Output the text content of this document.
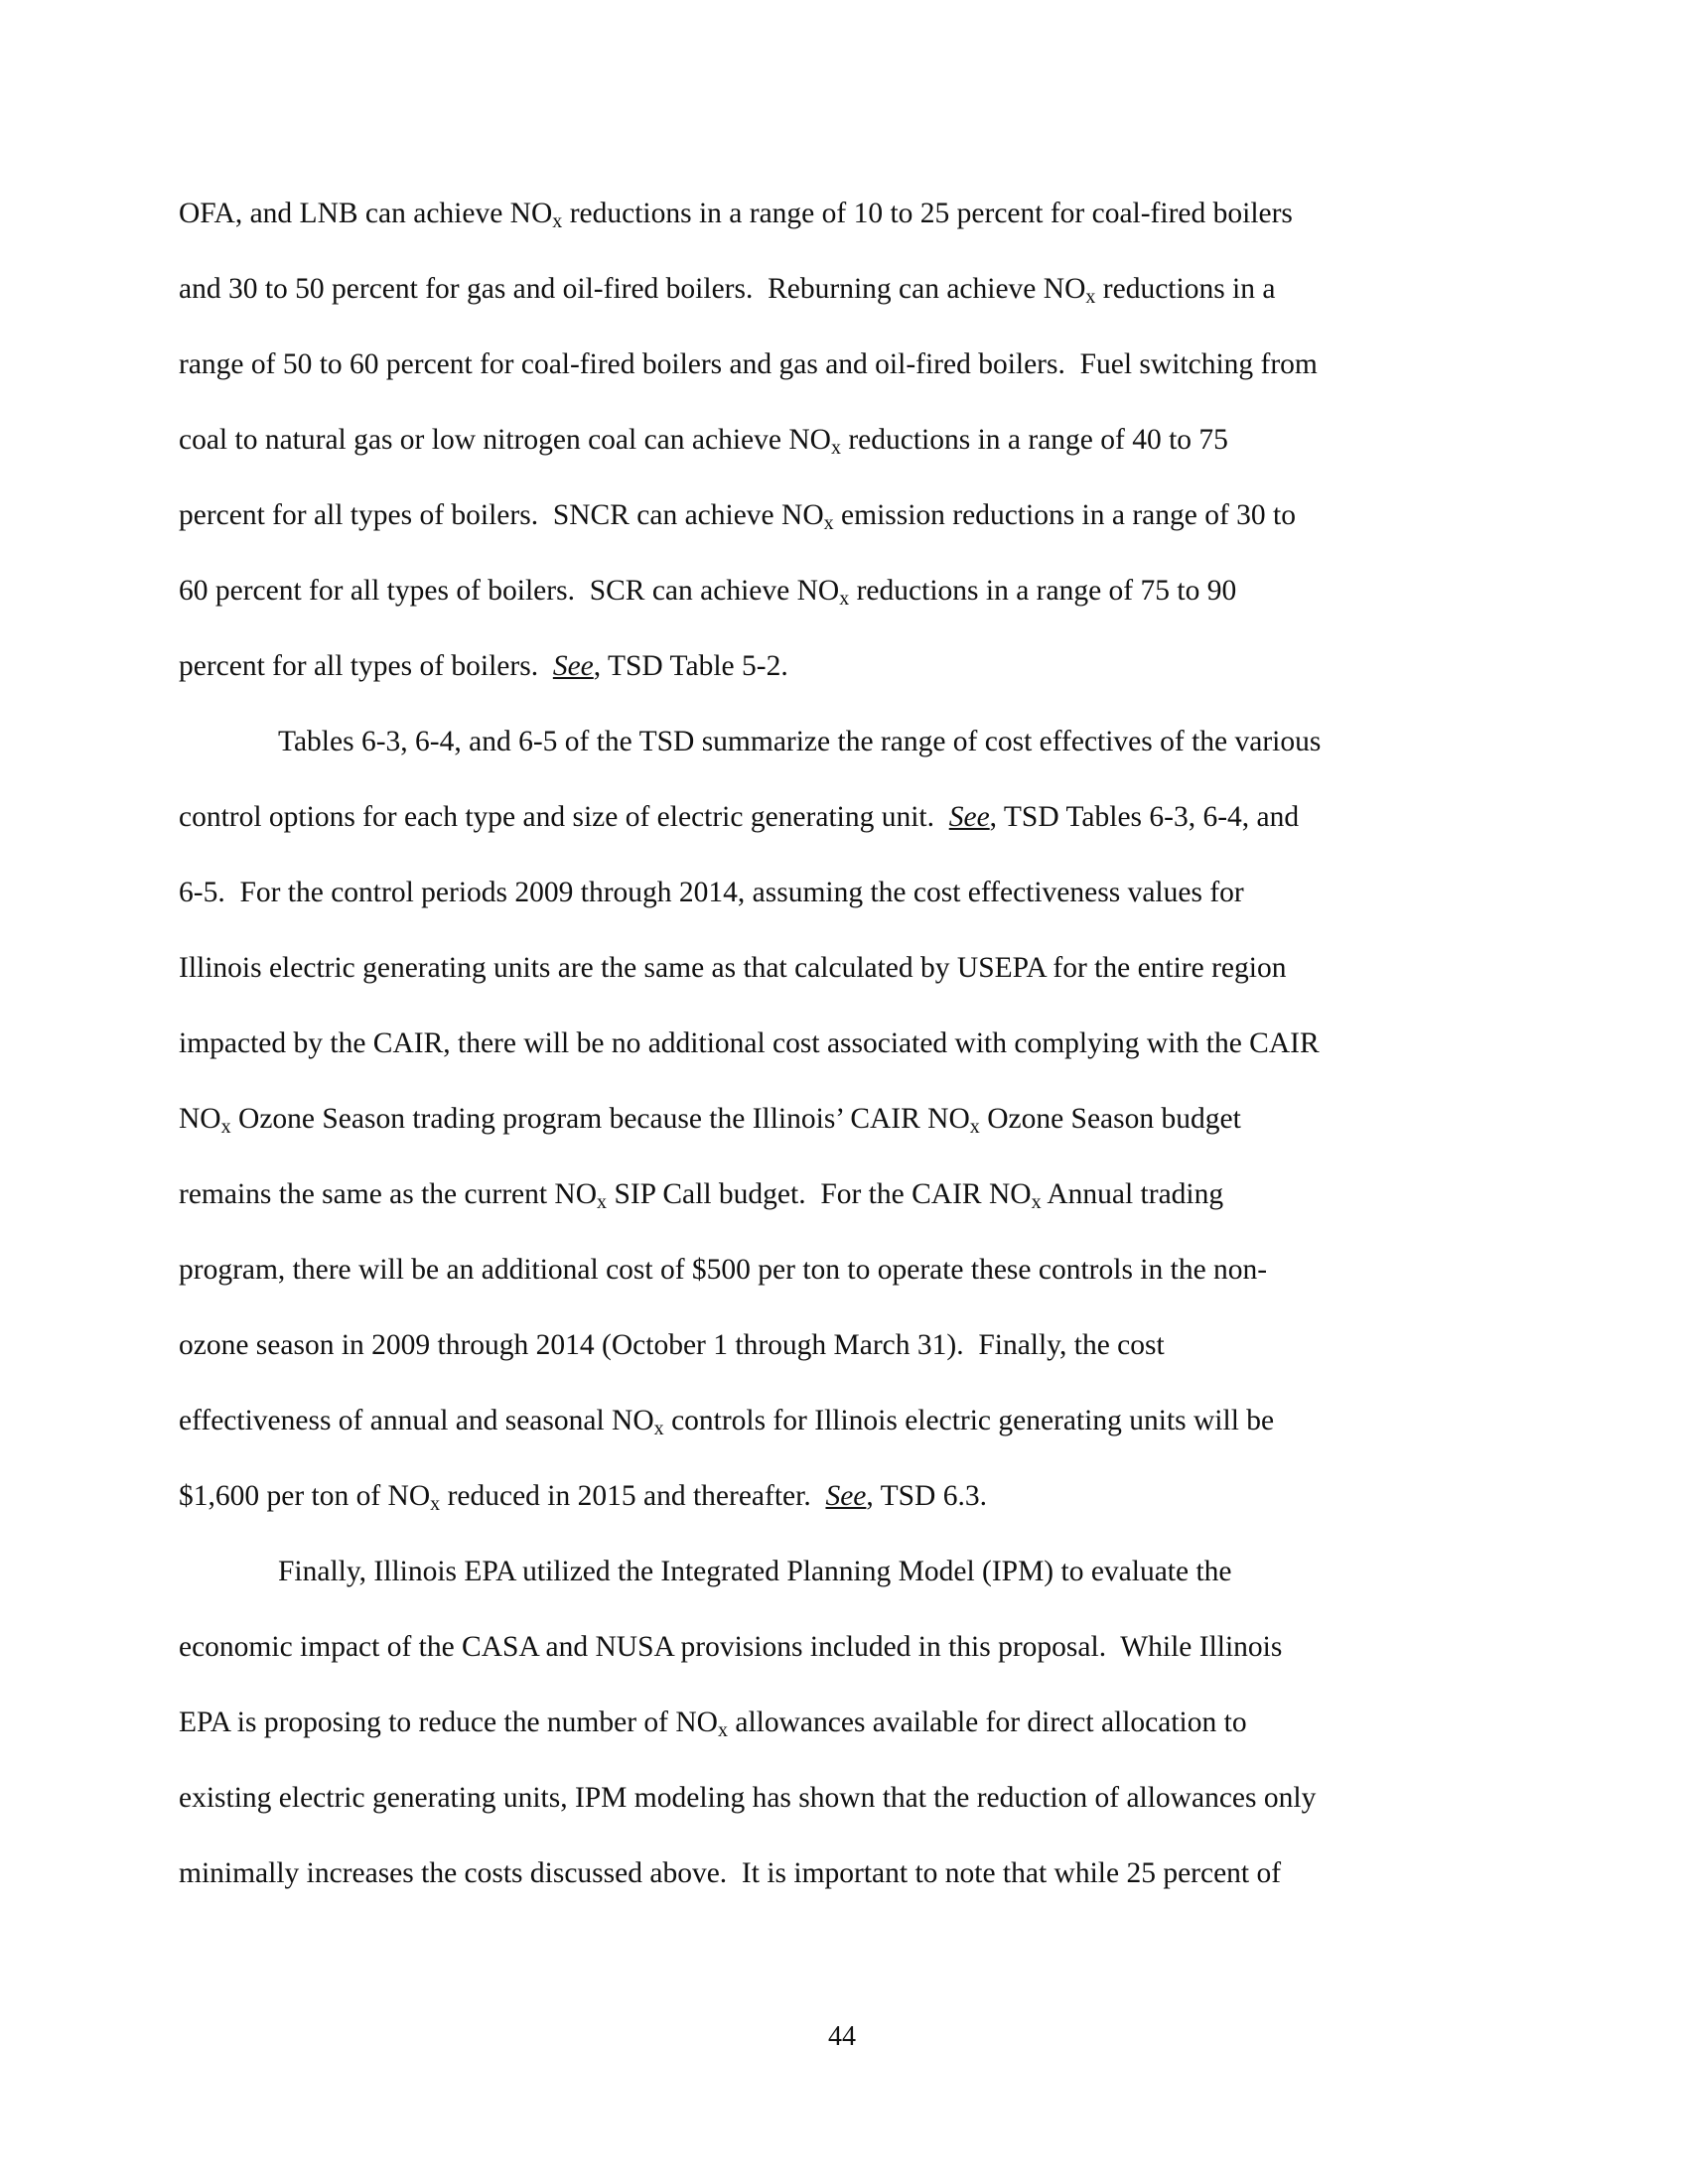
OFA, and LNB can achieve $NO_x$ reductions in a range of 10 to 25 percent for coal-fired boilers
and 30 to 50 percent for gas and oil-fired boilers.  Reburning can achieve $NO_x$ reductions in a
range of 50 to 60 percent for coal-fired boilers and gas and oil-fired boilers.  Fuel switching from
coal to natural gas or low nitrogen coal can achieve $NO_x$ reductions in a range of 40 to 75
percent for all types of boilers.  SNCR can achieve $NO_x$ emission reductions in a range of 30 to
60 percent for all types of boilers.  SCR can achieve $NO_x$ reductions in a range of 75 to 90
percent for all types of boilers.  See, TSD Table 5-2.
Tables 6-3, 6-4, and 6-5 of the TSD summarize the range of cost effectives of the various
control options for each type and size of electric generating unit.  See, TSD Tables 6-3, 6-4, and
6-5.  For the control periods 2009 through 2014, assuming the cost effectiveness values for
Illinois electric generating units are the same as that calculated by USEPA for the entire region
impacted by the CAIR, there will be no additional cost associated with complying with the CAIR
$NO_x$ Ozone Season trading program because the Illinois’ CAIR $NO_x$ Ozone Season budget
remains the same as the current $NO_x$ SIP Call budget.  For the CAIR $NO_x$ Annual trading
program, there will be an additional cost of $500 per ton to operate these controls in the non-
ozone season in 2009 through 2014 (October 1 through March 31).  Finally, the cost
effectiveness of annual and seasonal $NO_x$ controls for Illinois electric generating units will be
$1,600 per ton of $NO_x$ reduced in 2015 and thereafter.  See, TSD 6.3.
Finally, Illinois EPA utilized the Integrated Planning Model (IPM) to evaluate the
economic impact of the CASA and NUSA provisions included in this proposal.  While Illinois
EPA is proposing to reduce the number of $NO_x$ allowances available for direct allocation to
existing electric generating units, IPM modeling has shown that the reduction of allowances only
minimally increases the costs discussed above.  It is important to note that while 25 percent of
44
